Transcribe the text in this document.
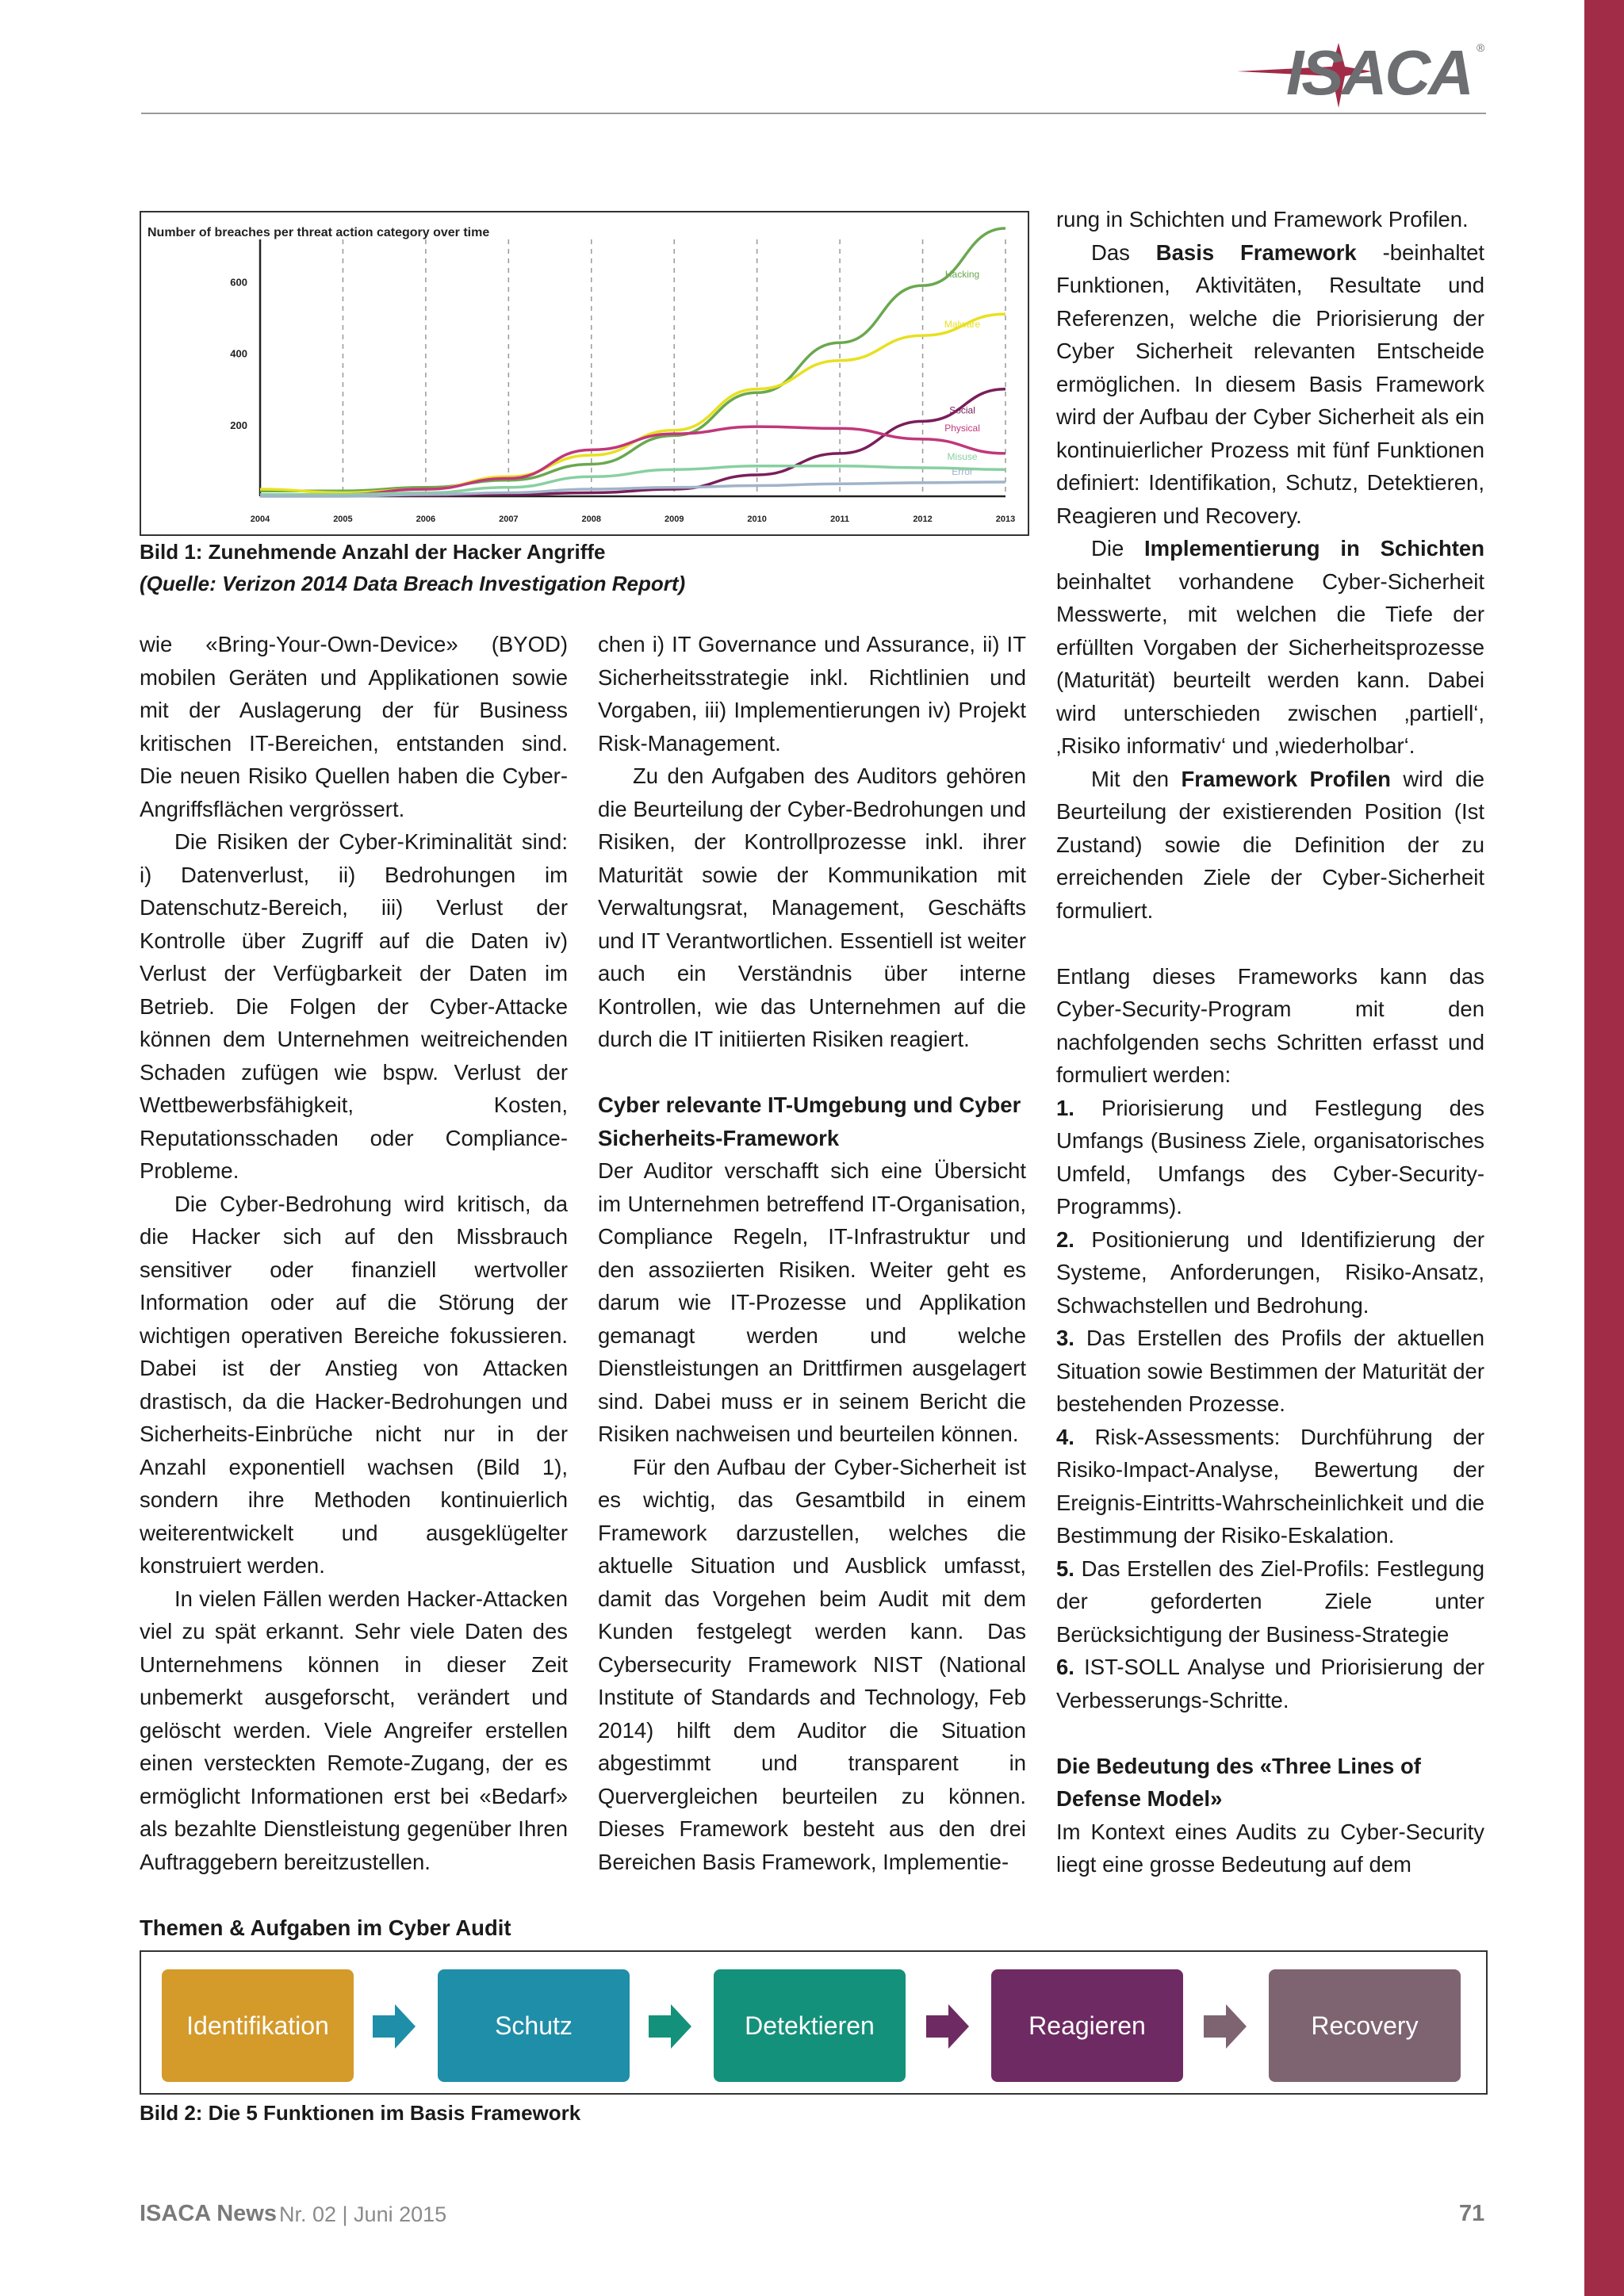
ISACA ®
Number of breaches per threat action category over time
2004	2005	2006	2007	2008	2009	2010	2011	2012	2013
200
400
600
Hacking
Malware
Social
Physical
Misuse
Error
Bild 1: Zunehmende Anzahl der Hacker Angriffe
(Quelle: Verizon 2014 Data Breach Investigation Report)

wie «Bring-Your-Own-Device» (BYOD) mobilen Geräten und Applikationen sowie mit der Auslagerung der für Business kritischen IT-Bereichen, entstanden sind. Die neuen Risiko Quellen haben die Cyber-Angriffsflächen vergrössert.

Die Risiken der Cyber-Kriminalität sind: i) Datenverlust, ii) Bedrohungen im Datenschutz-Bereich, iii) Verlust der Kontrolle über Zugriff auf die Daten iv) Verlust der Verfügbarkeit der Daten im Betrieb. Die Folgen der Cyber-Attacke können dem Unternehmen weitreichenden Schaden zufügen wie bspw. Verlust der Wettbewerbsfähigkeit, Kosten, Reputationsschaden oder Compliance-Probleme.

Die Cyber-Bedrohung wird kritisch, da die Hacker sich auf den Missbrauch sensitiver oder finanziell wertvoller Information oder auf die Störung der wichtigen operativen Bereiche fokussieren. Dabei ist der Anstieg von Attacken drastisch, da die Hacker-Bedrohungen und Sicherheits-Einbrüche nicht nur in der Anzahl exponentiell wachsen (Bild 1), sondern ihre Methoden kontinuierlich weiterentwickelt und ausgeklügelter konstruiert werden.

In vielen Fällen werden Hacker-Attacken viel zu spät erkannt. Sehr viele Daten des Unternehmens können in dieser Zeit unbemerkt ausgeforscht, verändert und gelöscht werden. Viele Angreifer erstellen einen versteckten Remote-Zugang, der es ermöglicht Informationen erst bei «Bedarf» als bezahlte Dienstleistung gegenüber Ihren Auftraggebern bereitzustellen.

Themen & Aufgaben im Cyber Audit

chen i) IT Governance und Assurance, ii) IT Sicherheitsstrategie inkl. Richtlinien und Vorgaben, iii) Implementierungen iv) Projekt Risk-Management.

Zu den Aufgaben des Auditors gehören die Beurteilung der Cyber-Bedrohungen und Risiken, der Kontrollprozesse inkl. ihrer Maturität sowie der Kommunikation mit Verwaltungsrat, Management, Geschäfts und IT Verantwortlichen. Essentiell ist weiter auch ein Verständnis über interne Kontrollen, wie das Unternehmen auf die durch die IT initiierten Risiken reagiert.

Cyber relevante IT-Umgebung und Cyber Sicherheits-Framework

Der Auditor verschafft sich eine Übersicht im Unternehmen betreffend IT-Organisation, Compliance Regeln, IT-Infrastruktur und den assoziierten Risiken. Weiter geht es darum wie IT-Prozesse und Applikation gemanagt werden und welche Dienstleistungen an Drittfirmen ausgelagert sind. Dabei muss er in seinem Bericht die Risiken nachweisen und beurteilen können.

Für den Aufbau der Cyber-Sicherheit ist es wichtig, das Gesamtbild in einem Framework darzustellen, welches die aktuelle Situation und Ausblick umfasst, damit das Vorgehen beim Audit mit dem Kunden festgelegt werden kann. Das Cybersecurity Framework NIST (National Institute of Standards and Technology, Feb 2014) hilft dem Auditor die Situation abgestimmt und transparent in Quervergleichen beurteilen zu können. Dieses Framework besteht aus den drei Bereichen Basis Framework, Implementie-

rung in Schichten und Framework Profilen.

Das Basis Framework -beinhaltet Funktionen, Aktivitäten, Resultate und Referenzen, welche die Priorisierung der Cyber Sicherheit relevanten Entscheide ermöglichen. In diesem Basis Framework wird der Aufbau der Cyber Sicherheit als ein kontinuierlicher Prozess mit fünf Funktionen definiert: Identifikation, Schutz, Detektieren, Reagieren und Recovery.

Die Implementierung in Schichten beinhaltet vorhandene Cyber-Sicherheit Messwerte, mit welchen die Tiefe der erfüllten Vorgaben der Sicherheitsprozesse (Maturität) beurteilt werden kann. Dabei wird unterschieden zwischen ‚partiell‘, ‚Risiko informativ‘ und ‚wiederholbar‘.

Mit den Framework Profilen wird die Beurteilung der existierenden Position (Ist Zustand) sowie die Definition der zu erreichenden Ziele der Cyber-Sicherheit formuliert.

Entlang dieses Frameworks kann das Cyber-Security-Program mit den nachfolgenden sechs Schritten erfasst und formuliert werden:

1. Priorisierung und Festlegung des Umfangs (Business Ziele, organisatorisches Umfeld, Umfangs des Cyber-Security-Programms).

2. Positionierung und Identifizierung der Systeme, Anforderungen, Risiko-Ansatz, Schwachstellen und Bedrohung.

3. Das Erstellen des Profils der aktuellen Situation sowie Bestimmen der Maturität der bestehenden Prozesse.

4. Risk-Assessments: Durchführung der Risiko-Impact-Analyse, Bewertung der Ereignis-Eintritts-Wahrscheinlichkeit und die Bestimmung der Risiko-Eskalation.

5. Das Erstellen des Ziel-Profils: Festlegung der geforderten Ziele unter Berücksichtigung der Business-Strategie

6. IST-SOLL Analyse und Priorisierung der Verbesserungs-Schritte.

Die Bedeutung des «Three Lines of Defense Model»

Im Kontext eines Audits zu Cyber-Security liegt eine grosse Bedeutung auf dem

Identifikation	Schutz	Detektieren	Reagieren	Recovery
Bild 2: Die 5 Funktionen im Basis Framework
ISACA News Nr. 02 | Juni 2015	71
